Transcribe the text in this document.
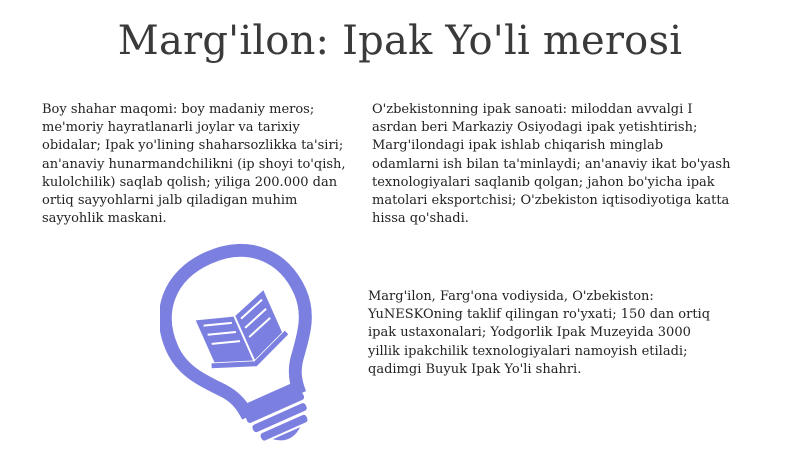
Marg'ilon: Ipak Yo'li merosi
Boy shahar maqomi: boy madaniy meros; me'moriy hayratlanarli joylar va tarixiy obidalar; Ipak yo'lining shaharsozlikka ta'siri; an'anaviy hunarmandchilikni (ip shoyi to'qish, kulolchilik) saqlab qolish; yiliga 200.000 dan ortiq sayyohlarni jalb qiladigan muhim sayyohlik maskani.
O'zbekistonning ipak sanoati: miloddan avvalgi I asrdan beri Markaziy Osiyodagi ipak yetishtirish; Marg'ilondagi ipak ishlab chiqarish minglab odamlarni ish bilan ta'minlaydi; an'anaviy ikat bo'yash texnologiyalari saqlanib qolgan; jahon bo'yicha ipak matolari eksportchisi; O'zbekiston iqtisodiyotiga katta hissa qo'shadi.
Marg'ilon, Farg'ona vodiysida, O'zbekiston: YuNESKOning taklif qilingan ro'yxati; 150 dan ortiq ipak ustaxonalari; Yodgorlik Ipak Muzeyida 3000 yillik ipakchilik texnologiyalari namoyish etiladi; qadimgi Buyuk Ipak Yo'li shahri.
